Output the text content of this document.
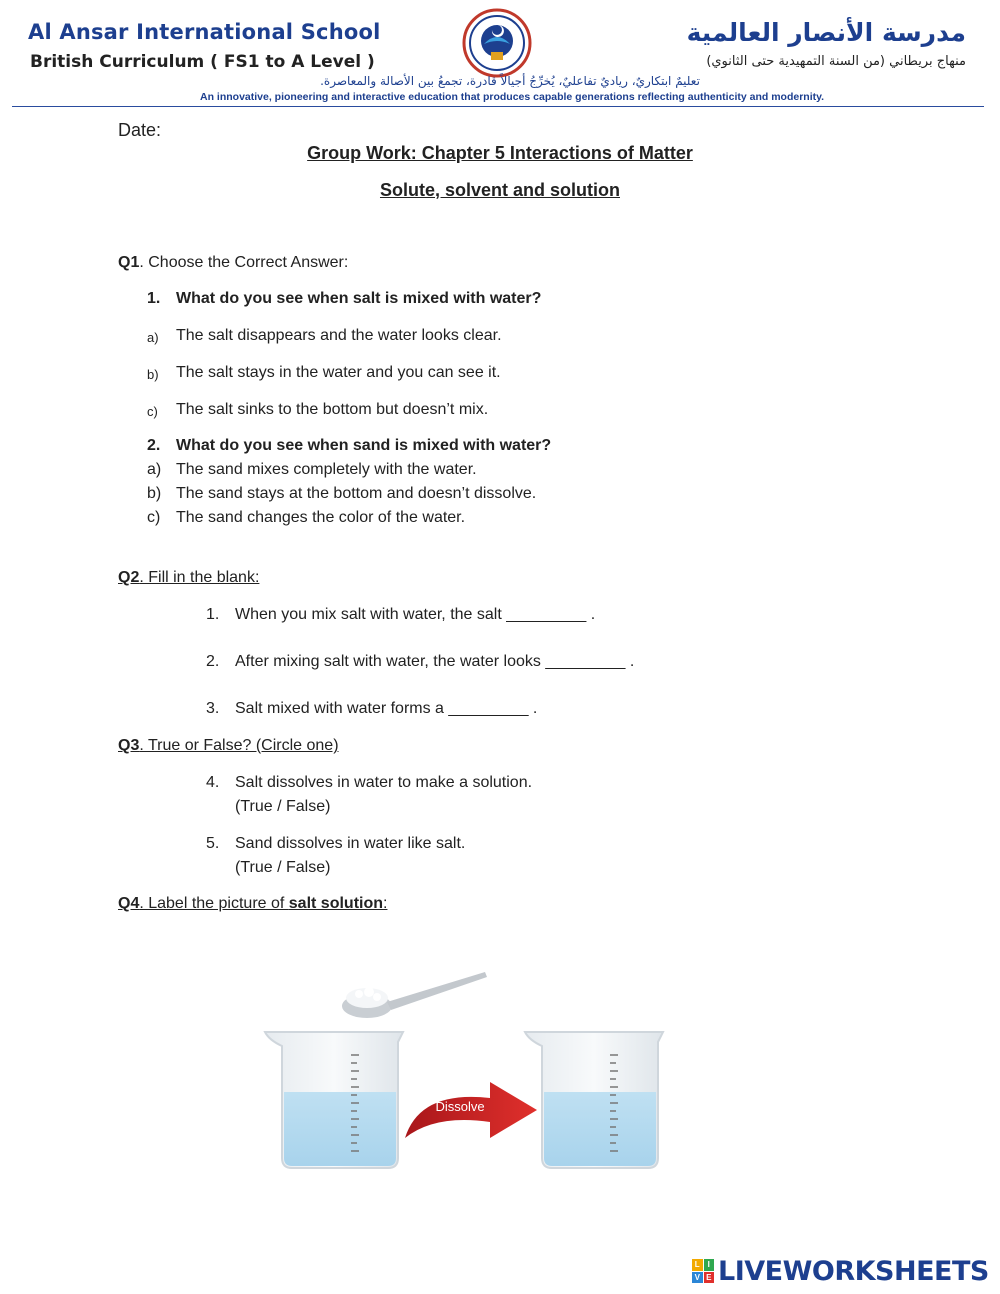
Al Ansar International School
British Curriculum ( FS1 to A Level )
مدرسة الأنصار العالمية
منهاج بريطاني (من السنة التمهيدية حتى الثانوي)
تعليمٌ ابتكاريٌ، رياديٌ تفاعليٌ، يُخرِّجُ أجيالاً قادرة، تجمعُ بين الأصالة والمعاصرة.
An innovative, pioneering and interactive education that produces capable generations reflecting authenticity and modernity.
Date:
Group Work: Chapter 5 Interactions of Matter
Solute, solvent and solution
Q1. Choose the Correct Answer:
1. What do you see when salt is mixed with water?
a) The salt disappears and the water looks clear.
b) The salt stays in the water and you can see it.
c) The salt sinks to the bottom but doesn’t mix.
2. What do you see when sand is mixed with water?
a) The sand mixes completely with the water.
b) The sand stays at the bottom and doesn’t dissolve.
c) The sand changes the color of the water.
Q2. Fill in the blank:
1. When you mix salt with water, the salt _________ .
2. After mixing salt with water, the water looks _________ .
3. Salt mixed with water forms a _________ .
Q3. True or False? (Circle one)
4. Salt dissolves in water to make a solution.
(True / False)
5. Sand dissolves in water like salt.
(True / False)
Q4. Label the picture of salt solution:
Dissolve
L I
V E LIVEWORKSHEETS
